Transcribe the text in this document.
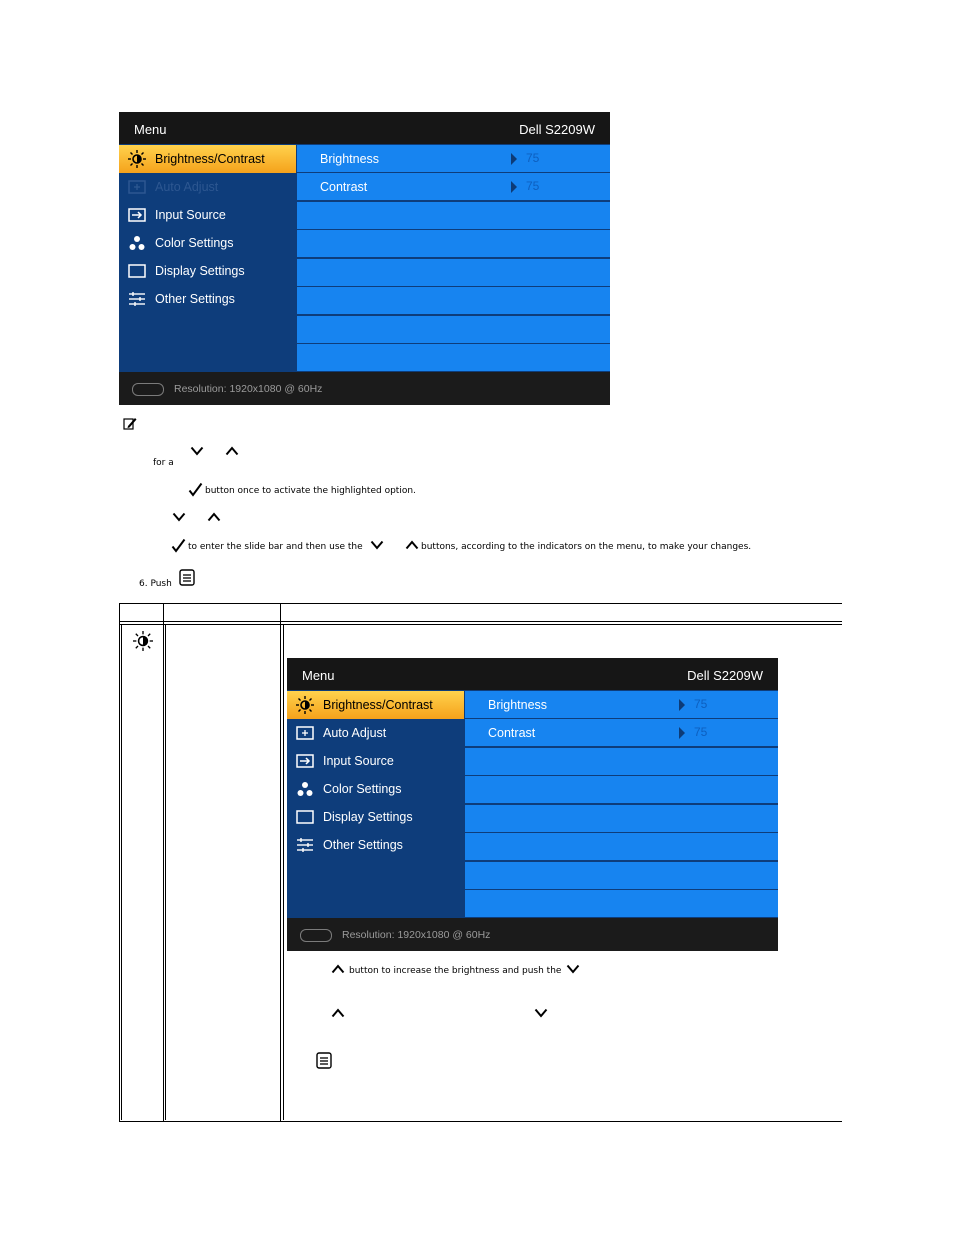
Menu	Dell S2209W
Brightness/Contrast
Auto Adjust
Input Source
Color Settings
Display Settings
Other Settings
Brightness	75
Contrast	75
Resolution: 1920x1080 @ 60Hz
for a
button once to activate the highlighted option.
to enter the slide bar and then use the	buttons, according to the indicators on the menu, to make your changes.
6. Push
Menu	Dell S2209W
Brightness/Contrast
Auto Adjust
Input Source
Color Settings
Display Settings
Other Settings
Brightness	75
Contrast	75
Resolution: 1920x1080 @ 60Hz
button to increase the brightness and push the
